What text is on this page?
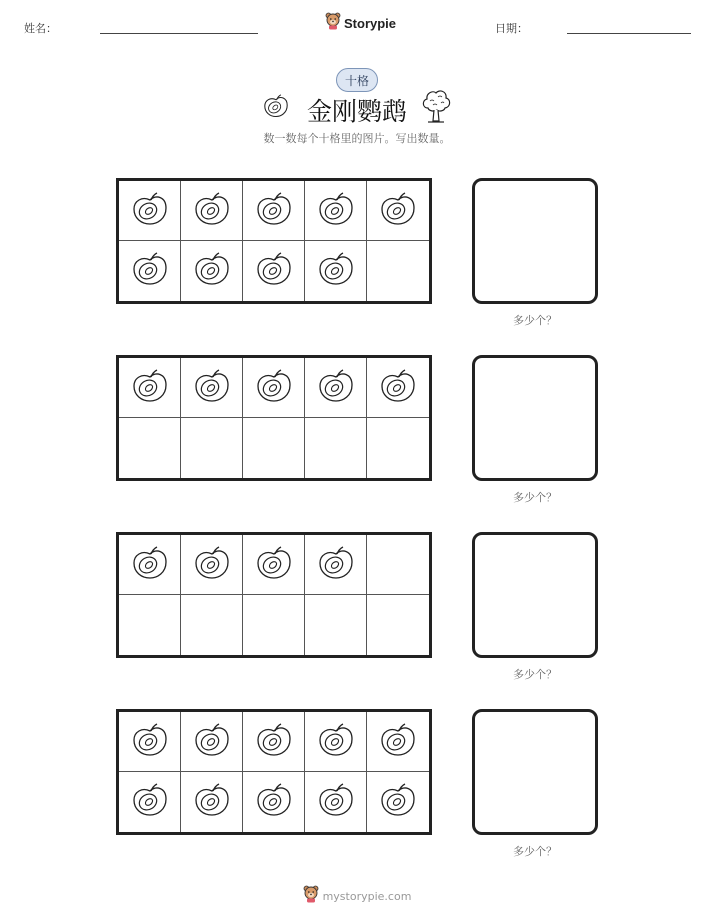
姓名：	Storypie	日期：
十格
金刚鹦鹉
数一数每个十格里的图片。写出数量。
多少个？
多少个？
多少个？
多少个？
mystorypie.com
